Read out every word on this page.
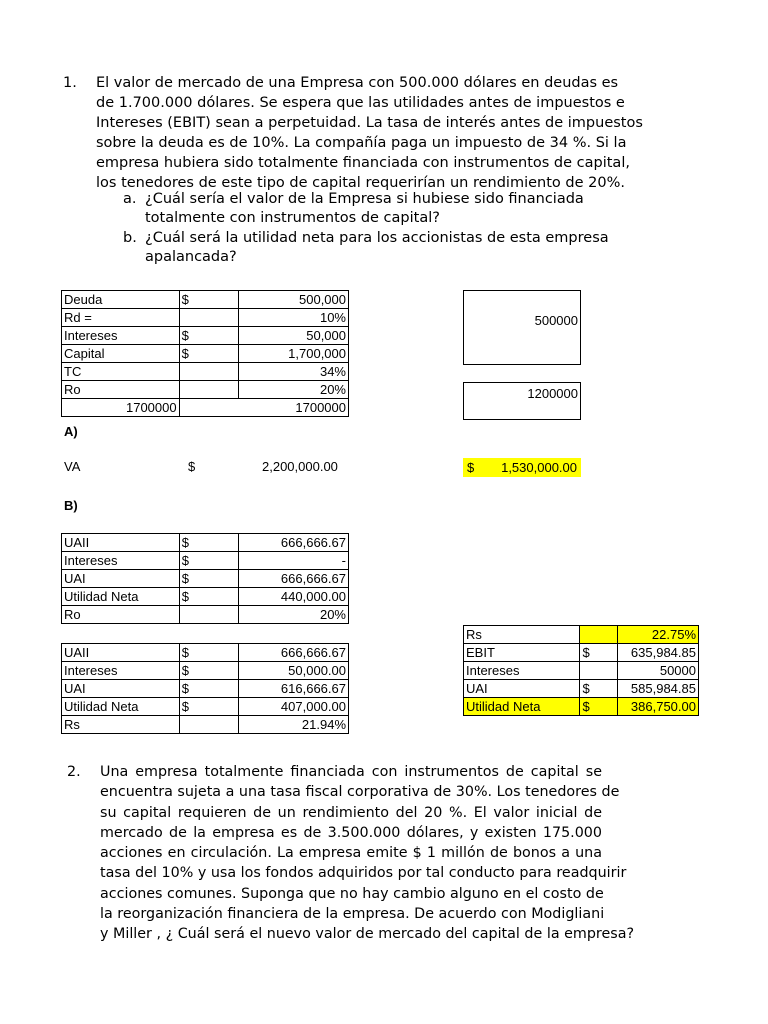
1. El valor de mercado de una Empresa con 500.000 dólares en deudas es
de 1.700.000 dólares. Se espera que las utilidades antes de impuestos e
Intereses (EBIT) sean a perpetuidad. La tasa de interés antes de impuestos
sobre la deuda es de 10%. La compañía paga un impuesto de 34 %. Si la
empresa hubiera sido totalmente financiada con instrumentos de capital,
los tenedores de este tipo de capital requerirían un rendimiento de 20%.
a. ¿Cuál sería el valor de la Empresa si hubiese sido financiada
totalmente con instrumentos de capital?
b. ¿Cuál será la utilidad neta para los accionistas de esta empresa
apalancada?
Deuda	$	500,000
Rd =		10%
Intereses	$	50,000
Capital	$	1,700,000
TC		34%
Ro		20%
1700000	1700000	
500000
1200000
A)
VA	$	2,200,000.00	$ 1,530,000.00
B)
UAII	$	666,666.67
Intereses	$	-
UAI	$	666,666.67
Utilidad Neta	$	440,000.00
Ro		20%
UAII	$	666,666.67
Intereses	$	50,000.00
UAI	$	616,666.67
Utilidad Neta	$	407,000.00
Rs		21.94%
Rs		22.75%
EBIT	$	635,984.85
Intereses		50000
UAI	$	585,984.85
Utilidad Neta	$	386,750.00
2. Una empresa totalmente financiada con instrumentos de capital se
encuentra sujeta a una tasa fiscal corporativa de 30%. Los tenedores de
su capital requieren de un rendimiento del 20 %. El valor inicial de
mercado de la empresa es de 3.500.000 dólares, y existen 175.000
acciones en circulación. La empresa emite $ 1 millón de bonos a una
tasa del 10% y usa los fondos adquiridos por tal conducto para readquirir
acciones comunes. Suponga que no hay cambio alguno en el costo de
la reorganización financiera de la empresa. De acuerdo con Modigliani
y Miller , ¿ Cuál será el nuevo valor de mercado del capital de la empresa?
